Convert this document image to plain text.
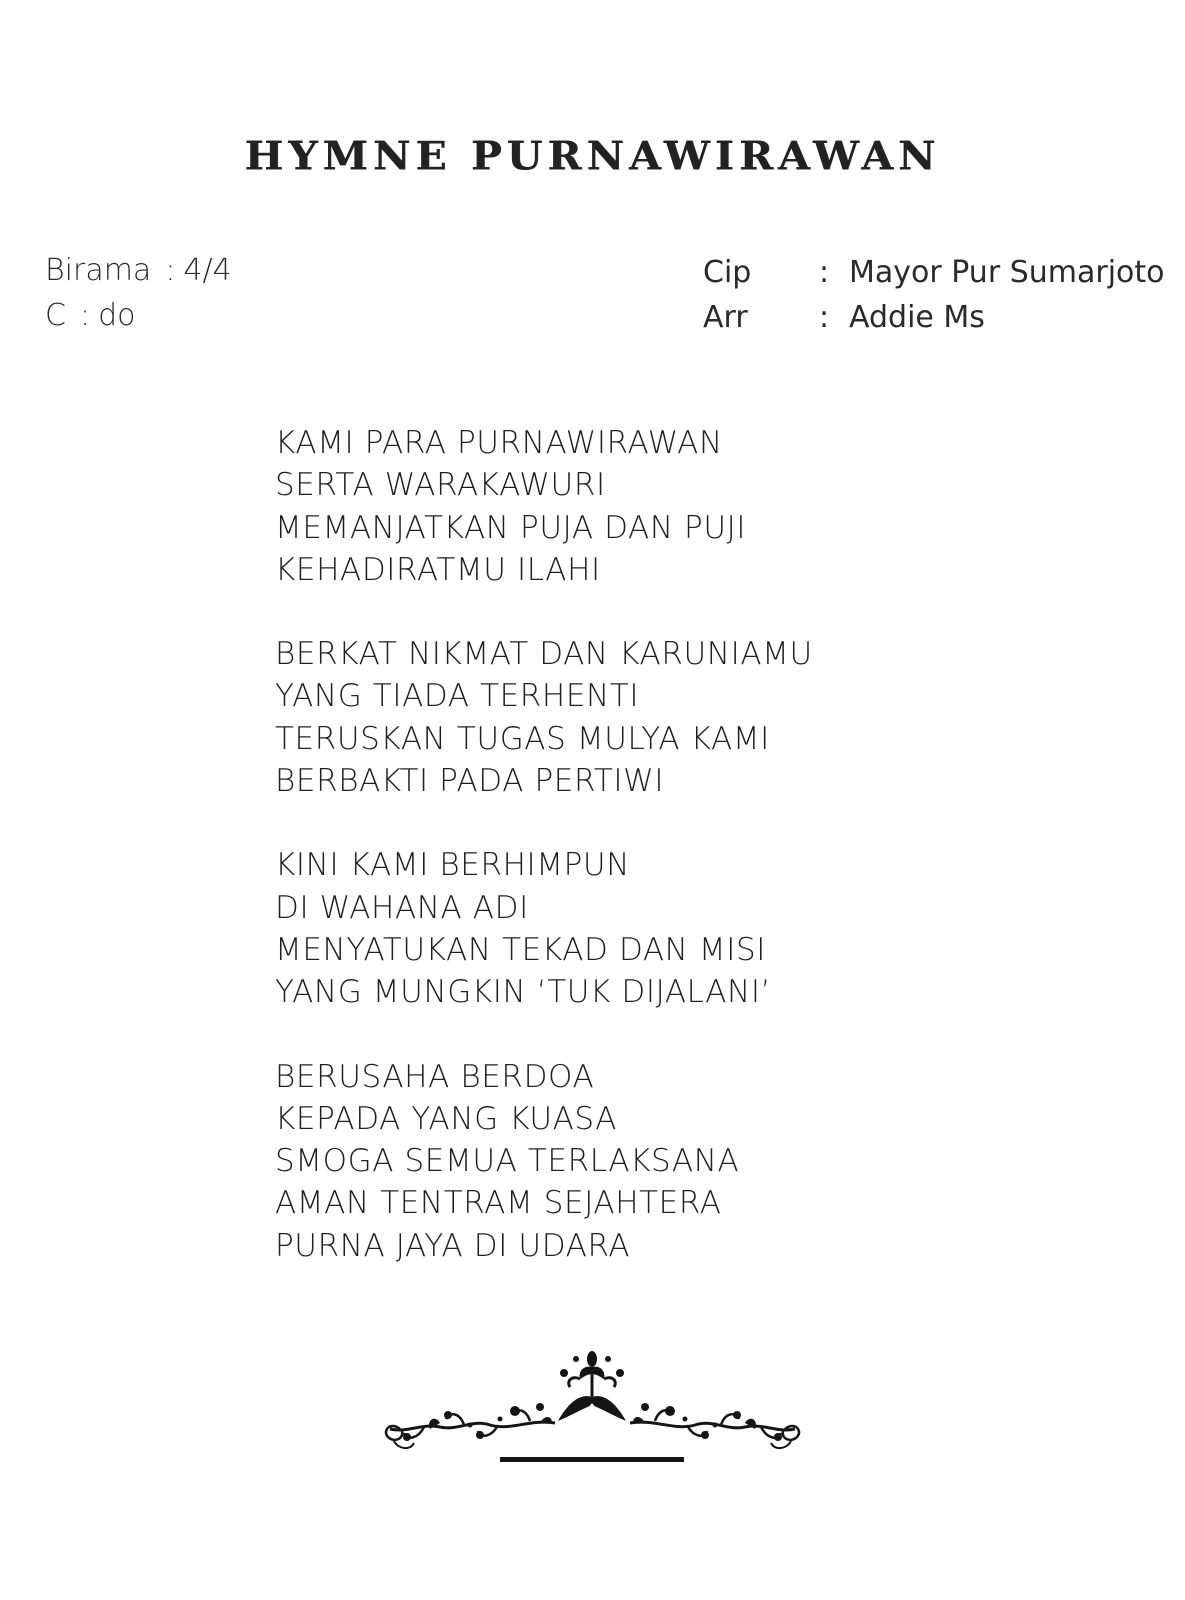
HYMNE PURNAWIRAWAN
Birama : 4/4
C : do
Cip	: Mayor Pur Sumarjoto
Arr	: Addie Ms
KAMI PARA PURNAWIRAWAN
SERTA WARAKAWURI
MEMANJATKAN PUJA DAN PUJI
KEHADIRATMU ILAHI
BERKAT NIKMAT DAN KARUNIAMU
YANG TIADA TERHENTI
TERUSKAN TUGAS MULYA KAMI
BERBAKTI PADA PERTIWI
KINI KAMI BERHIMPUN
DI WAHANA ADI
MENYATUKAN TEKAD DAN MISI
YANG MUNGKIN ‘TUK DIJALANI’
BERUSAHA BERDOA
KEPADA YANG KUASA
SMOGA SEMUA TERLAKSANA
AMAN TENTRAM SEJAHTERA
PURNA JAYA DI UDARA
